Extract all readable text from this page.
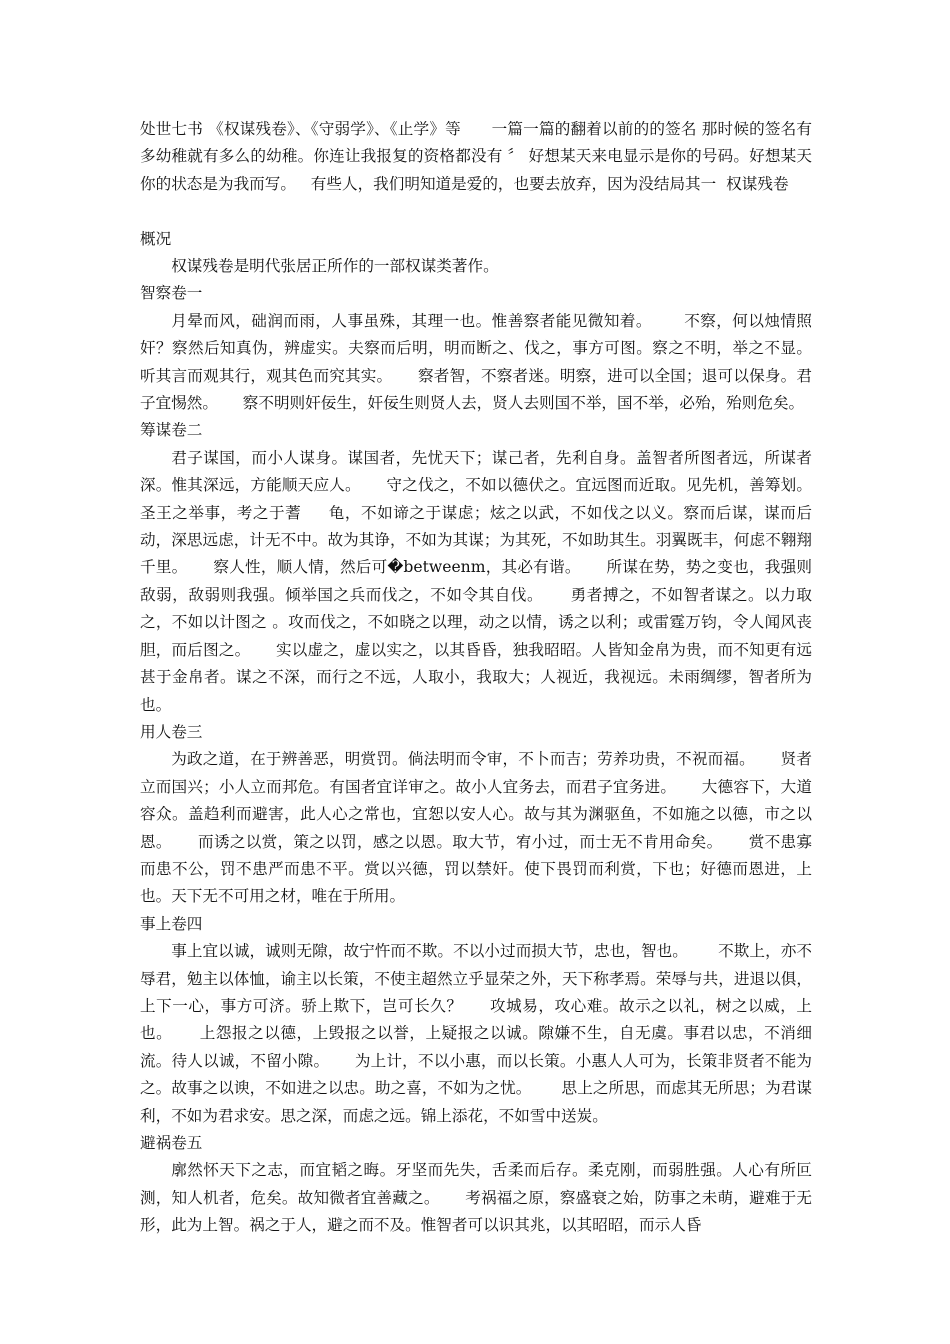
处世七书 《权谋残卷》、《守弱学》、《止学》等      一篇一篇的翻着以前的的签名 那时候的签名有多幼稚就有多么的幼稚。你连让我报复的资格都没有 〞 好想某天来电显示是你的号码。好想某天你的状态是为我而写。   有些人，我们明知道是爱的，也要去放弃，因为没结局其一  权谋残卷

概况

权谋残卷是明代张居正所作的一部权谋类著作。

智察卷一

月晕而风，础润而雨，人事虽殊，其理一也。惟善察者能见微知着。      不察，何以烛情照奸？察然后知真伪，辨虚实。夫察而后明，明而断之、伐之，事方可图。察之不明，举之不显。     听其言而观其行，观其色而究其实。     察者智，不察者迷。明察，进可以全国；退可以保身。君子宜惕然。     察不明则奸佞生，奸佞生则贤人去，贤人去则国不举，国不举，必殆，殆则危矣。

筹谋卷二

君子谋国，而小人谋身。谋国者，先忧天下；谋己者，先利自身。盖智者所图者远，所谋者深。惟其深远，方能顺天应人。     守之伐之，不如以德伏之。宜远图而近取。见先机，善筹划。     圣王之举事，考之于蓍     龟，不如谛之于谋虑；炫之以武，不如伐之以义。察而后谋，谋而后动，深思远虑，计无不中。故为其诤，不如为其谋；为其死，不如助其生。羽翼既丰，何虑不翱翔千里。     察人性，顺人情，然后可�betweenm，其必有谐。     所谋在势，势之变也，我强则敌弱，敌弱则我强。倾举国之兵而伐之，不如令其自伐。     勇者搏之，不如智者谋之。以力取之，不如以计图之 。攻而伐之，不如晓之以理，动之以情，诱之以利；或雷霆万钧，令人闻风丧胆，而后图之。     实以虚之，虚以实之，以其昏昏，独我昭昭。人皆知金帛为贵，而不知更有远甚于金帛者。谋之不深，而行之不远，人取小，我取大；人视近，我视远。未雨绸缪，智者所为也。

用人卷三

为政之道，在于辨善恶，明赏罚。倘法明而令审，不卜而吉；劳养功贵，不祝而福。     贤者立而国兴；小人立而邦危。有国者宜详审之。故小人宜务去，而君子宜务进。     大德容下，大道容众。盖趋利而避害，此人心之常也，宜恕以安人心。故与其为渊驱鱼，不如施之以德，市之以恩。     而诱之以赏，策之以罚，感之以恩。取大节，宥小过，而士无不肯用命矣。     赏不患寡而患不公，罚不患严而患不平。赏以兴德，罚以禁奸。使下畏罚而利赏，下也；好德而恩进，上也。天下无不可用之材，唯在于所用。

事上卷四

事上宜以诚，诚则无隙，故宁忤而不欺。不以小过而损大节，忠也，智也。      不欺上，亦不辱君，勉主以体恤，谕主以长策，不使主超然立乎显荣之外，天下称孝焉。荣辱与共，进退以俱，上下一心，事方可济。骄上欺下，岂可长久？     攻城易，攻心难。故示之以礼，树之以威，上也。     上怨报之以德，上毁报之以誉，上疑报之以诚。隙嫌不生，自无虞。事君以忠，不消细流。待人以诚，不留小隙。     为上计，不以小惠，而以长策。小惠人人可为，长策非贤者不能为之。故事之以谀，不如进之以忠。助之喜，不如为之忧。      思上之所思，而虑其无所思；为君谋利，不如为君求安。思之深，而虑之远。锦上添花，不如雪中送炭。

避祸卷五

廓然怀天下之志，而宜韬之晦。牙坚而先失，舌柔而后存。柔克刚，而弱胜强。人心有所叵测，知人机者，危矣。故知微者宜善藏之。     考祸福之原，察盛衰之始，防事之未萌，避难于无形，此为上智。祸之于人，避之而不及。惟智者可以识其兆，以其昭昭，而示人昏
